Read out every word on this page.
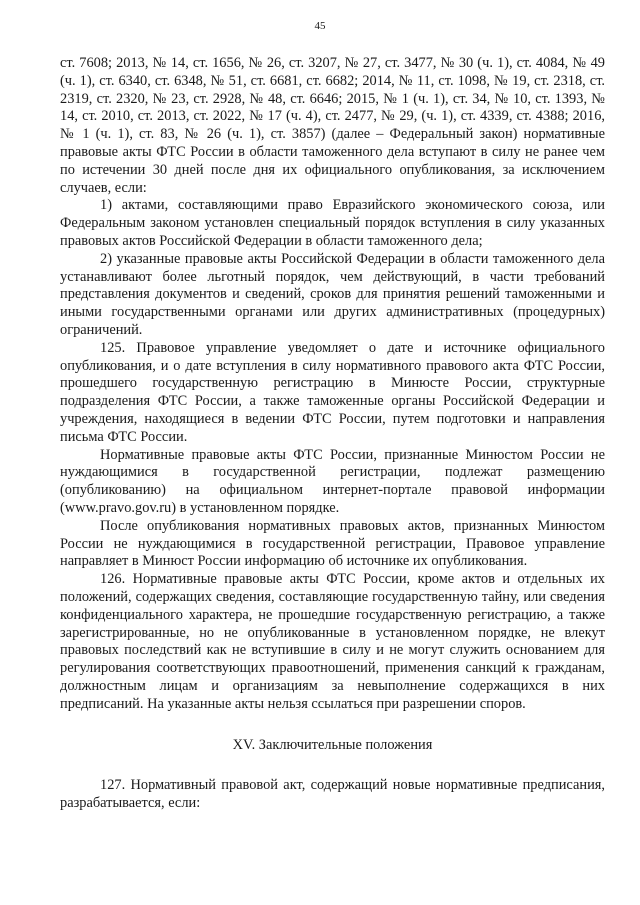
45

ст. 7608; 2013, № 14, ст. 1656, № 26, ст. 3207, № 27, ст. 3477, № 30 (ч. 1), ст. 4084, № 49 (ч. 1), ст. 6340, ст. 6348, № 51, ст. 6681, ст. 6682; 2014, № 11, ст. 1098, № 19, ст. 2318, ст. 2319, ст. 2320, № 23, ст. 2928, № 48, ст. 6646; 2015, № 1 (ч. 1), ст. 34, № 10, ст. 1393, № 14, ст. 2010, ст. 2013, ст. 2022, № 17 (ч. 4), ст. 2477, № 29, (ч. 1), ст. 4339, ст. 4388; 2016, № 1 (ч. 1), ст. 83, № 26 (ч. 1), ст. 3857) (далее – Федеральный закон) нормативные правовые акты ФТС России в области таможенного дела вступают в силу не ранее чем по истечении 30 дней после дня их официального опубликования, за исключением случаев, если:

1) актами, составляющими право Евразийского экономического союза, или Федеральным законом установлен специальный порядок вступления в силу указанных правовых актов Российской Федерации в области таможенного дела;

2) указанные правовые акты Российской Федерации в области таможенного дела устанавливают более льготный порядок, чем действующий, в части требований представления документов и сведений, сроков для принятия решений таможенными и иными государственными органами или других административных (процедурных) ограничений.

125. Правовое управление уведомляет о дате и источнике официального опубликования, и о дате вступления в силу нормативного правового акта ФТС России, прошедшего государственную регистрацию в Минюсте России, структурные подразделения ФТС России, а также таможенные органы Российской Федерации и учреждения, находящиеся в ведении ФТС России, путем подготовки и направления письма ФТС России.

Нормативные правовые акты ФТС России, признанные Минюстом России не нуждающимися в государственной регистрации, подлежат размещению (опубликованию) на официальном интернет-портале правовой информации (www.pravo.gov.ru) в установленном порядке.

После опубликования нормативных правовых актов, признанных Минюстом России не нуждающимися в государственной регистрации, Правовое управление направляет в Минюст России информацию об источнике их опубликования.

126. Нормативные правовые акты ФТС России, кроме актов и отдельных их положений, содержащих сведения, составляющие государственную тайну, или сведения конфиденциального характера, не прошедшие государственную регистрацию, а также зарегистрированные, но не опубликованные в установленном порядке, не влекут правовых последствий как не вступившие в силу и не могут служить основанием для регулирования соответствующих правоотношений, применения санкций к гражданам, должностным лицам и организациям за невыполнение содержащихся в них предписаний. На указанные акты нельзя ссылаться при разрешении споров.

XV. Заключительные положения

127. Нормативный правовой акт, содержащий новые нормативные предписания, разрабатывается, если:
